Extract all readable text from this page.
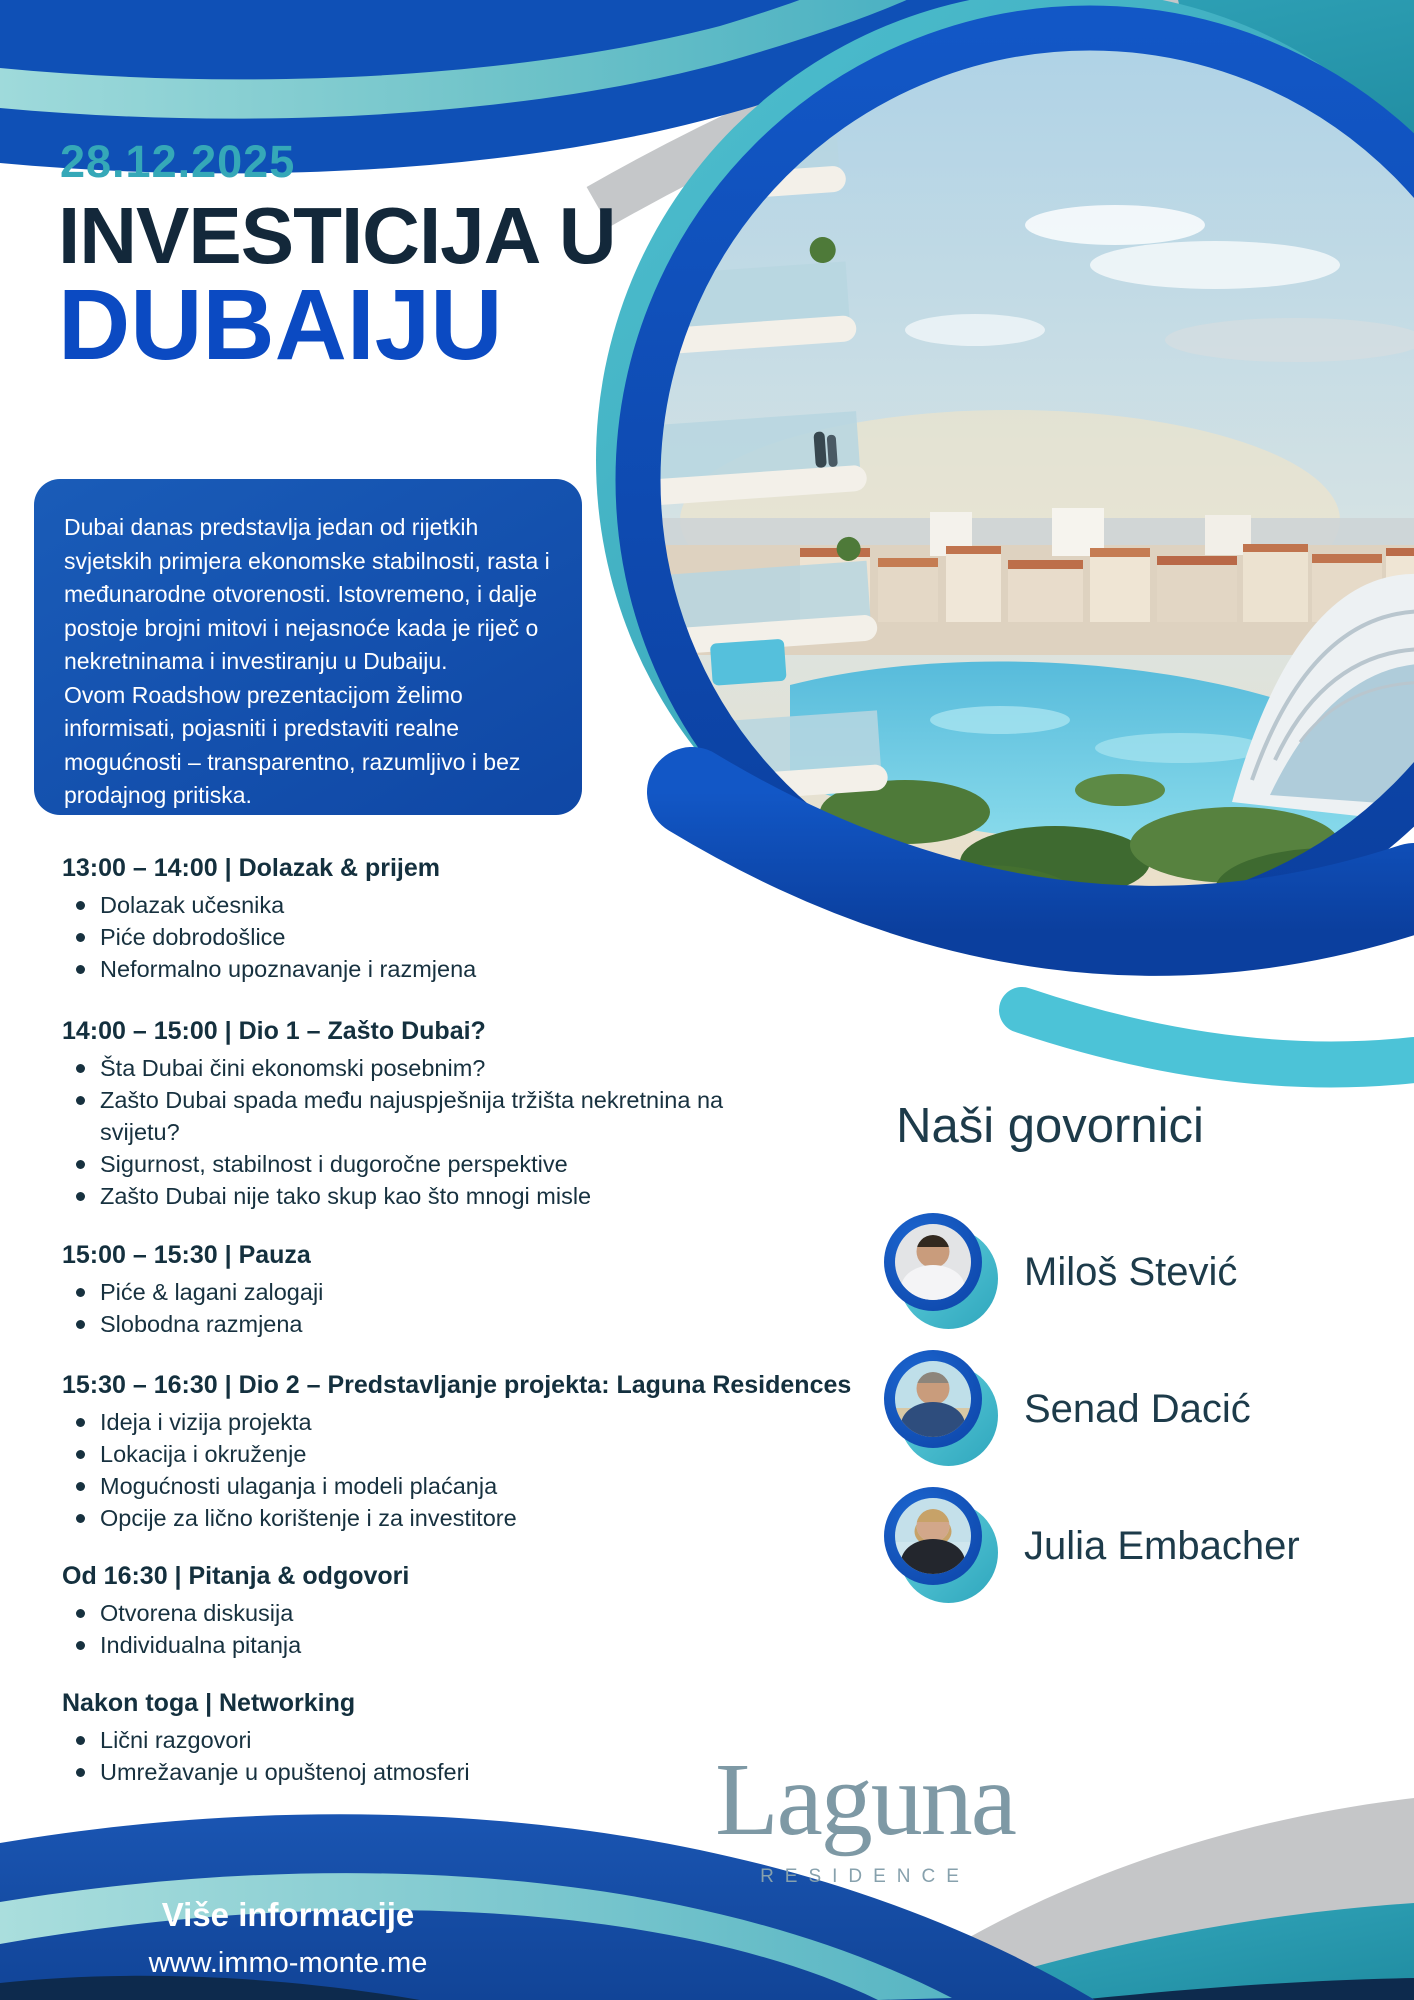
28.12.2025
INVESTICIJA U
DUBAIJU

Dubai danas predstavlja jedan od rijetkih svjetskih primjera ekonomske stabilnosti, rasta i međunarodne otvorenosti. Istovremeno, i dalje postoje brojni mitovi i nejasnoće kada je riječ o nekretninama i investiranju u Dubaiju.

Ovom Roadshow prezentacijom želimo informisati, pojasniti i predstaviti realne mogućnosti – transparentno, razumljivo i bez prodajnog pritiska.

13:00 – 14:00 | Dolazak & prijem
Dolazak učesnika
Piće dobrodošlice
Neformalno upoznavanje i razmjena
14:00 – 15:00 | Dio 1 – Zašto Dubai?
Šta Dubai čini ekonomski posebnim?
Zašto Dubai spada među najuspješnija tržišta nekretnina na svijetu?
Sigurnost, stabilnost i dugoročne perspektive
Zašto Dubai nije tako skup kao što mnogi misle
15:00 – 15:30 | Pauza
Piće & lagani zalogaji
Slobodna razmjena
15:30 – 16:30 | Dio 2 – Predstavljanje projekta: Laguna Residences
Ideja i vizija projekta
Lokacija i okruženje
Mogućnosti ulaganja i modeli plaćanja
Opcije za lično korištenje i za investitore
Od 16:30 | Pitanja & odgovori
Otvorena diskusija
Individualna pitanja
Nakon toga | Networking
Lični razgovori
Umrežavanje u opuštenoj atmosferi
Naši govornici
Miloš Stević
Senad Dacić
Julia Embacher
Laguna
RESIDENCE
Više informacije
www.immo-monte.me
